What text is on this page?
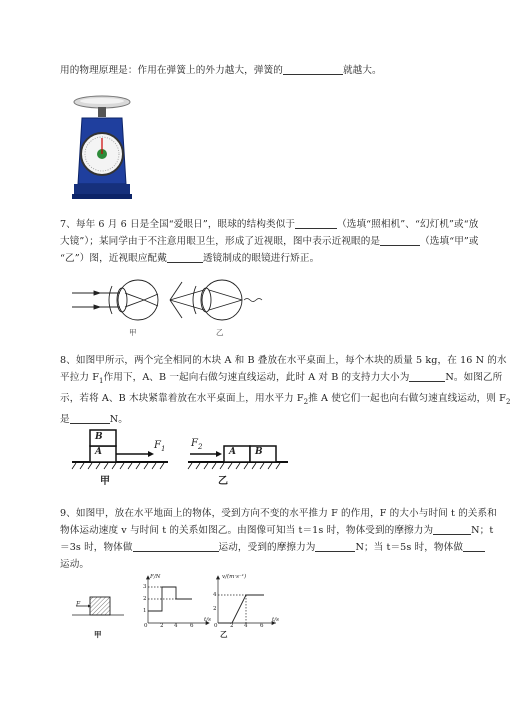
用的物理原理是：作用在弹簧上的外力越大，弹簧的	就越大。
7、每年 6 月 6 日是全国“爱眼日”，眼球的结构类似于	（选填“照相机”、“幻灯机”或“放
大镜”）；某同学由于不注意用眼卫生，形成了近视眼，图中表示近视眼的是	（选填“甲”或
“乙”）图，近视眼应配戴	透镜制成的眼镜进行矫正。
甲	乙
8、如图甲所示，两个完全相同的木块 A 和 B 叠放在水平桌面上，每个木块的质量 5 kg，在 16 N 的水
平拉力 $F_1$作用下，A、B 一起向右做匀速直线运动，此时 A 对 B 的支持力大小为	N。如图乙所
示，若将 A、B 木块紧靠着放在水平桌面上，用水平力 $F_2$推 A 使它们一起也向右做匀速直线运动，则 $F_2$
是	N。
B
A
$F_1$	$F_2$	A B
甲	乙
9、如图甲，放在水平地面上的物体，受到方向不变的水平推力 F 的作用，F 的大小与时间 t 的关系和
物体运动速度 v 与时间 t 的关系如图乙。由图像可知当 t＝1s 时，物体受到的摩擦力为	N；t
＝3s 时，物体做	运动，受到的摩擦力为	N；当 t＝5s 时，物体做
运动。
F
F/N
t/s
3
2
1
0 2 4 6
v/(m·s⁻¹)
t/s
4
2
0 2 4 6
甲	乙
